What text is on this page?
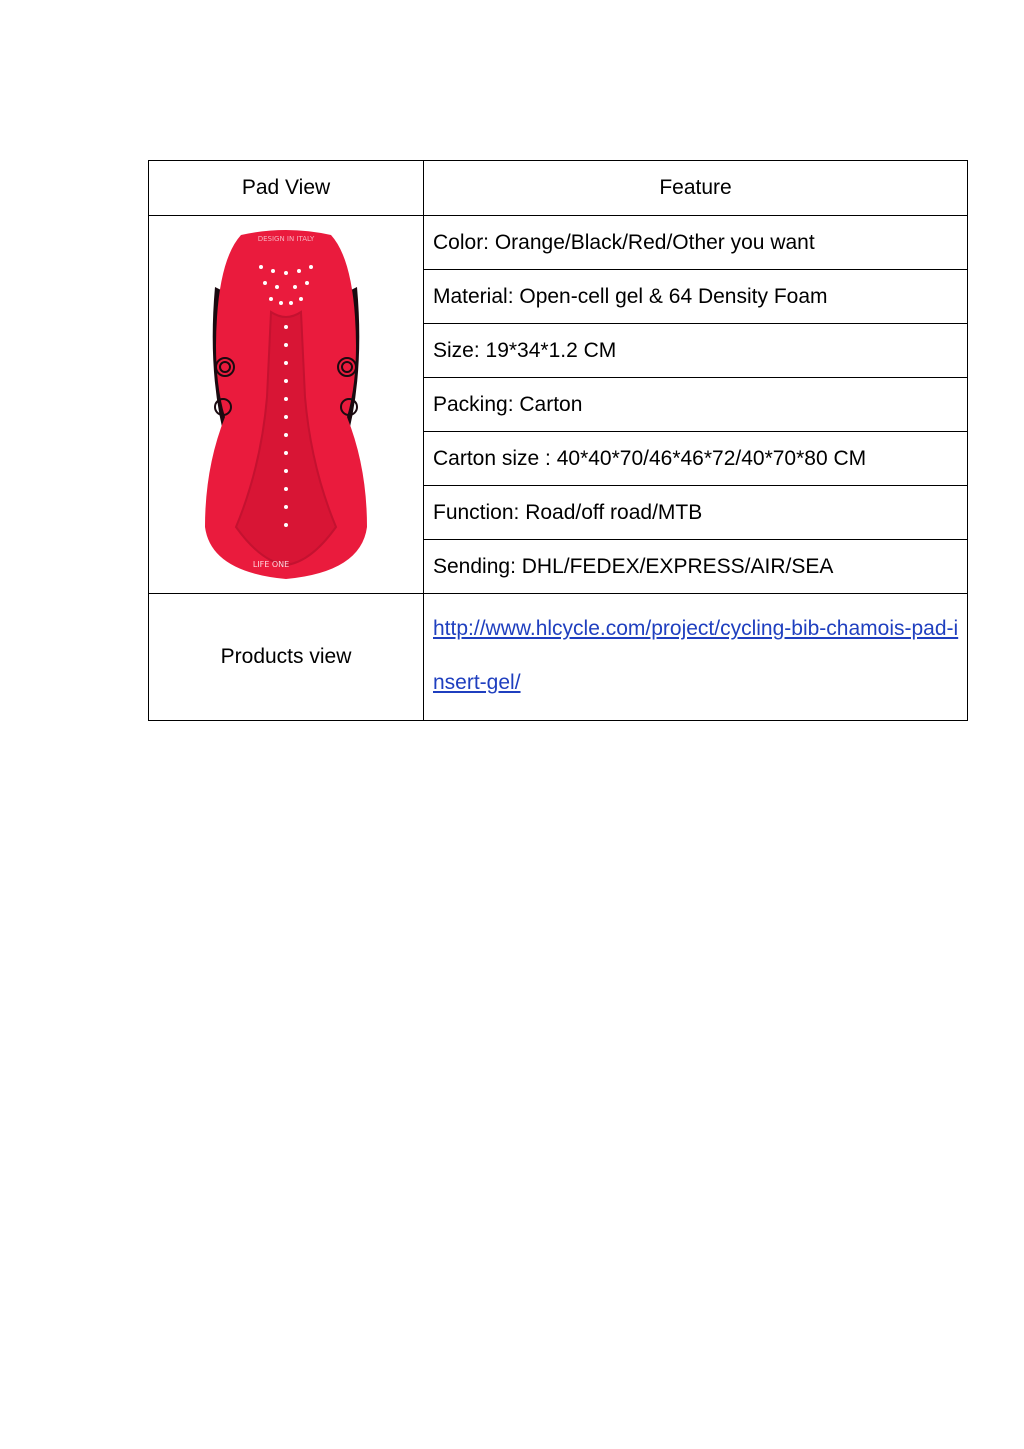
Pad View	Feature

DESIGN IN ITALY
LIFE ONE	Color: Orange/Black/Red/Other you want
	Material: Open-cell gel & 64 Density Foam
	Size: 19*34*1.2 CM
	Packing: Carton
	Carton size : 40*40*70/46*46*72/40*70*80 CM
	Function: Road/off road/MTB
	Sending: DHL/FEDEX/EXPRESS/AIR/SEA
Products view	http://www.hlcycle.com/project/cycling-bib-chamois-pad-insert-gel/
